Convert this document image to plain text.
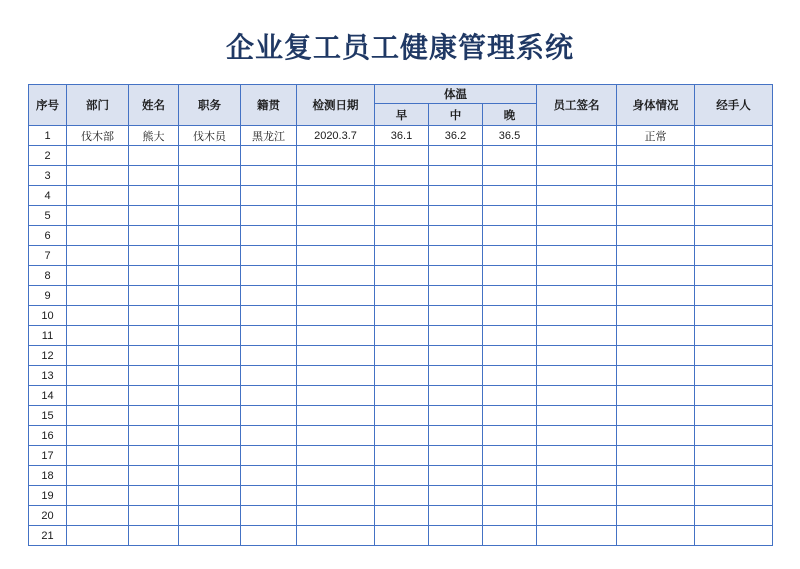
企业复工员工健康管理系统
序号	部门	姓名	职务	籍贯	检测日期	体温			员工签名	身体情况	经手人
						早	中	晚			
1	伐木部	熊大	伐木员	黑龙江	2020.3.7	36.1	36.2	36.5		正常	
2											
3											
4											
5											
6											
7											
8											
9											
10											
11											
12											
13											
14											
15											
16											
17											
18											
19											
20											
21											
